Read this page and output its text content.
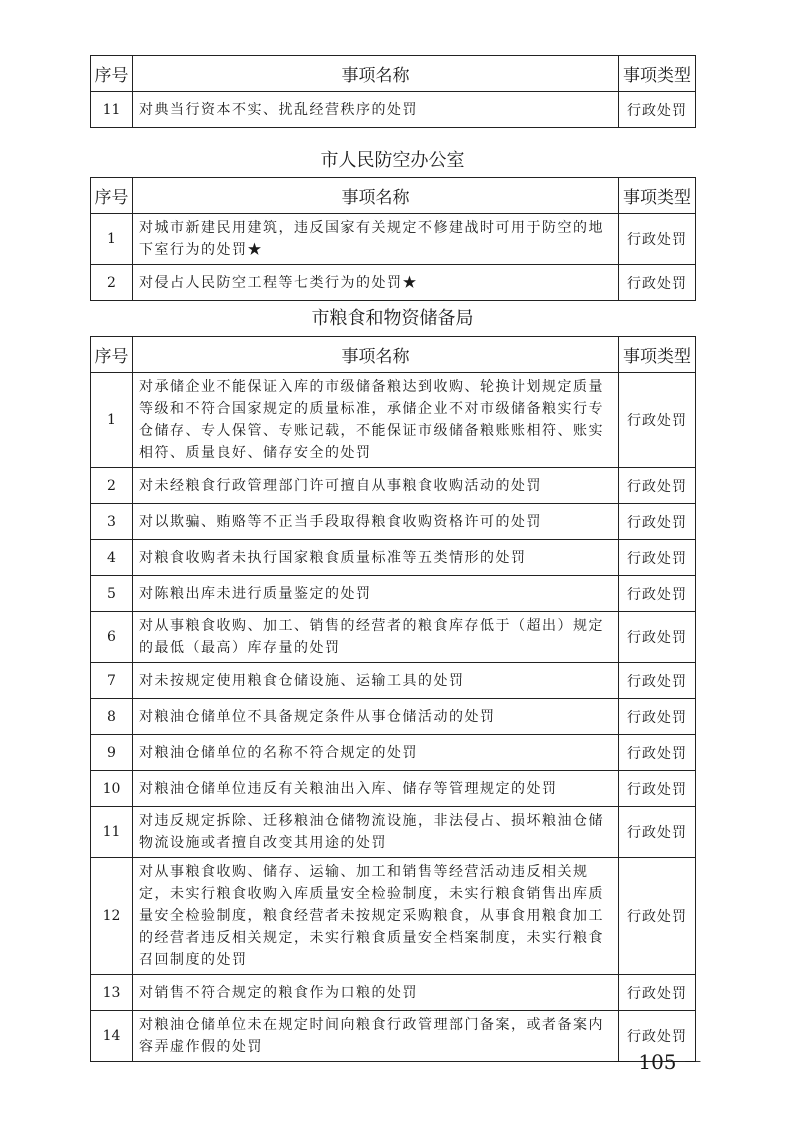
序号	事项名称	事项类型
11	对典当行资本不实、扰乱经营秩序的处罚	行政处罚
市人民防空办公室
序号	事项名称	事项类型
1	对城市新建民用建筑，违反国家有关规定不修建战时可用于防空的地下室行为的处罚★	行政处罚
2	对侵占人民防空工程等七类行为的处罚★	行政处罚
市粮食和物资储备局
序号	事项名称	事项类型
1	对承储企业不能保证入库的市级储备粮达到收购、轮换计划规定质量等级和不符合国家规定的质量标准，承储企业不对市级储备粮实行专仓储存、专人保管、专账记载，不能保证市级储备粮账账相符、账实相符、质量良好、储存安全的处罚	行政处罚
2	对未经粮食行政管理部门许可擅自从事粮食收购活动的处罚	行政处罚
3	对以欺骗、贿赂等不正当手段取得粮食收购资格许可的处罚	行政处罚
4	对粮食收购者未执行国家粮食质量标准等五类情形的处罚	行政处罚
5	对陈粮出库未进行质量鉴定的处罚	行政处罚
6	对从事粮食收购、加工、销售的经营者的粮食库存低于（超出）规定的最低（最高）库存量的处罚	行政处罚
7	对未按规定使用粮食仓储设施、运输工具的处罚	行政处罚
8	对粮油仓储单位不具备规定条件从事仓储活动的处罚	行政处罚
9	对粮油仓储单位的名称不符合规定的处罚	行政处罚
10	对粮油仓储单位违反有关粮油出入库、储存等管理规定的处罚	行政处罚
11	对违反规定拆除、迁移粮油仓储物流设施，非法侵占、损坏粮油仓储物流设施或者擅自改变其用途的处罚	行政处罚
12	对从事粮食收购、储存、运输、加工和销售等经营活动违反相关规定，未实行粮食收购入库质量安全检验制度，未实行粮食销售出库质量安全检验制度，粮食经营者未按规定采购粮食，从事食用粮食加工的经营者违反相关规定，未实行粮食质量安全档案制度，未实行粮食召回制度的处罚	行政处罚
13	对销售不符合规定的粮食作为口粮的处罚	行政处罚
14	对粮油仓储单位未在规定时间向粮食行政管理部门备案，或者备案内容弄虚作假的处罚	行政处罚
－ 105 －
